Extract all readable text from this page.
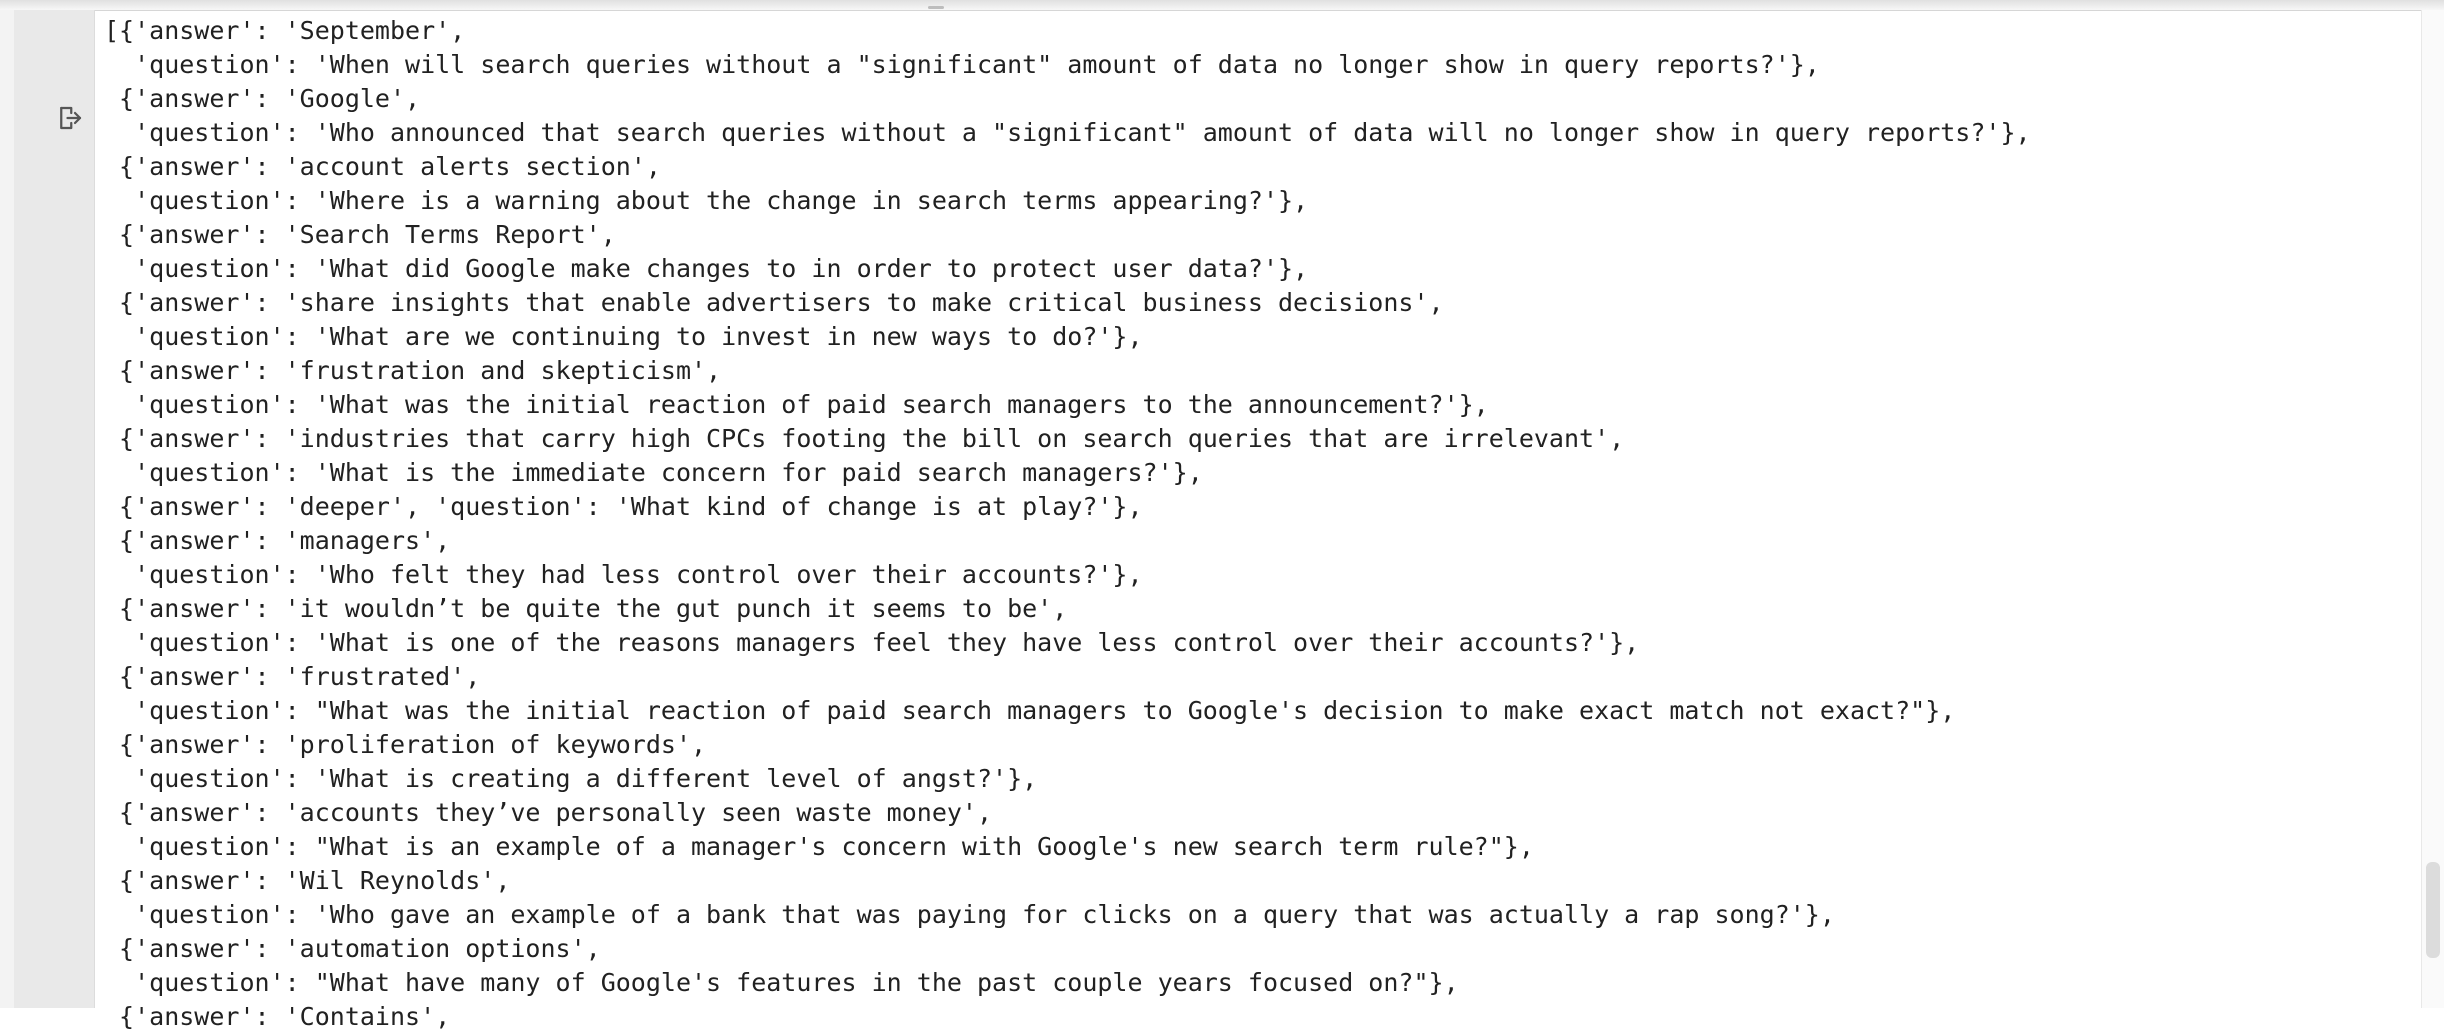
[{'answer': 'September',
'question': 'When will search queries without a "significant" amount of data no longer show in query reports?'},
{'answer': 'Google',
'question': 'Who announced that search queries without a "significant" amount of data will no longer show in query reports?'},
{'answer': 'account alerts section',
'question': 'Where is a warning about the change in search terms appearing?'},
{'answer': 'Search Terms Report',
'question': 'What did Google make changes to in order to protect user data?'},
{'answer': 'share insights that enable advertisers to make critical business decisions',
'question': 'What are we continuing to invest in new ways to do?'},
{'answer': 'frustration and skepticism',
'question': 'What was the initial reaction of paid search managers to the announcement?'},
{'answer': 'industries that carry high CPCs footing the bill on search queries that are irrelevant',
'question': 'What is the immediate concern for paid search managers?'},
{'answer': 'deeper', 'question': 'What kind of change is at play?'},
{'answer': 'managers',
'question': 'Who felt they had less control over their accounts?'},
{'answer': 'it wouldn’t be quite the gut punch it seems to be',
'question': 'What is one of the reasons managers feel they have less control over their accounts?'},
{'answer': 'frustrated',
'question': "What was the initial reaction of paid search managers to Google's decision to make exact match not exact?"},
{'answer': 'proliferation of keywords',
'question': 'What is creating a different level of angst?'},
{'answer': 'accounts they’ve personally seen waste money',
'question': "What is an example of a manager's concern with Google's new search term rule?"},
{'answer': 'Wil Reynolds',
'question': 'Who gave an example of a bank that was paying for clicks on a query that was actually a rap song?'},
{'answer': 'automation options',
'question': "What have many of Google's features in the past couple years focused on?"},
{'answer': 'Contains',
